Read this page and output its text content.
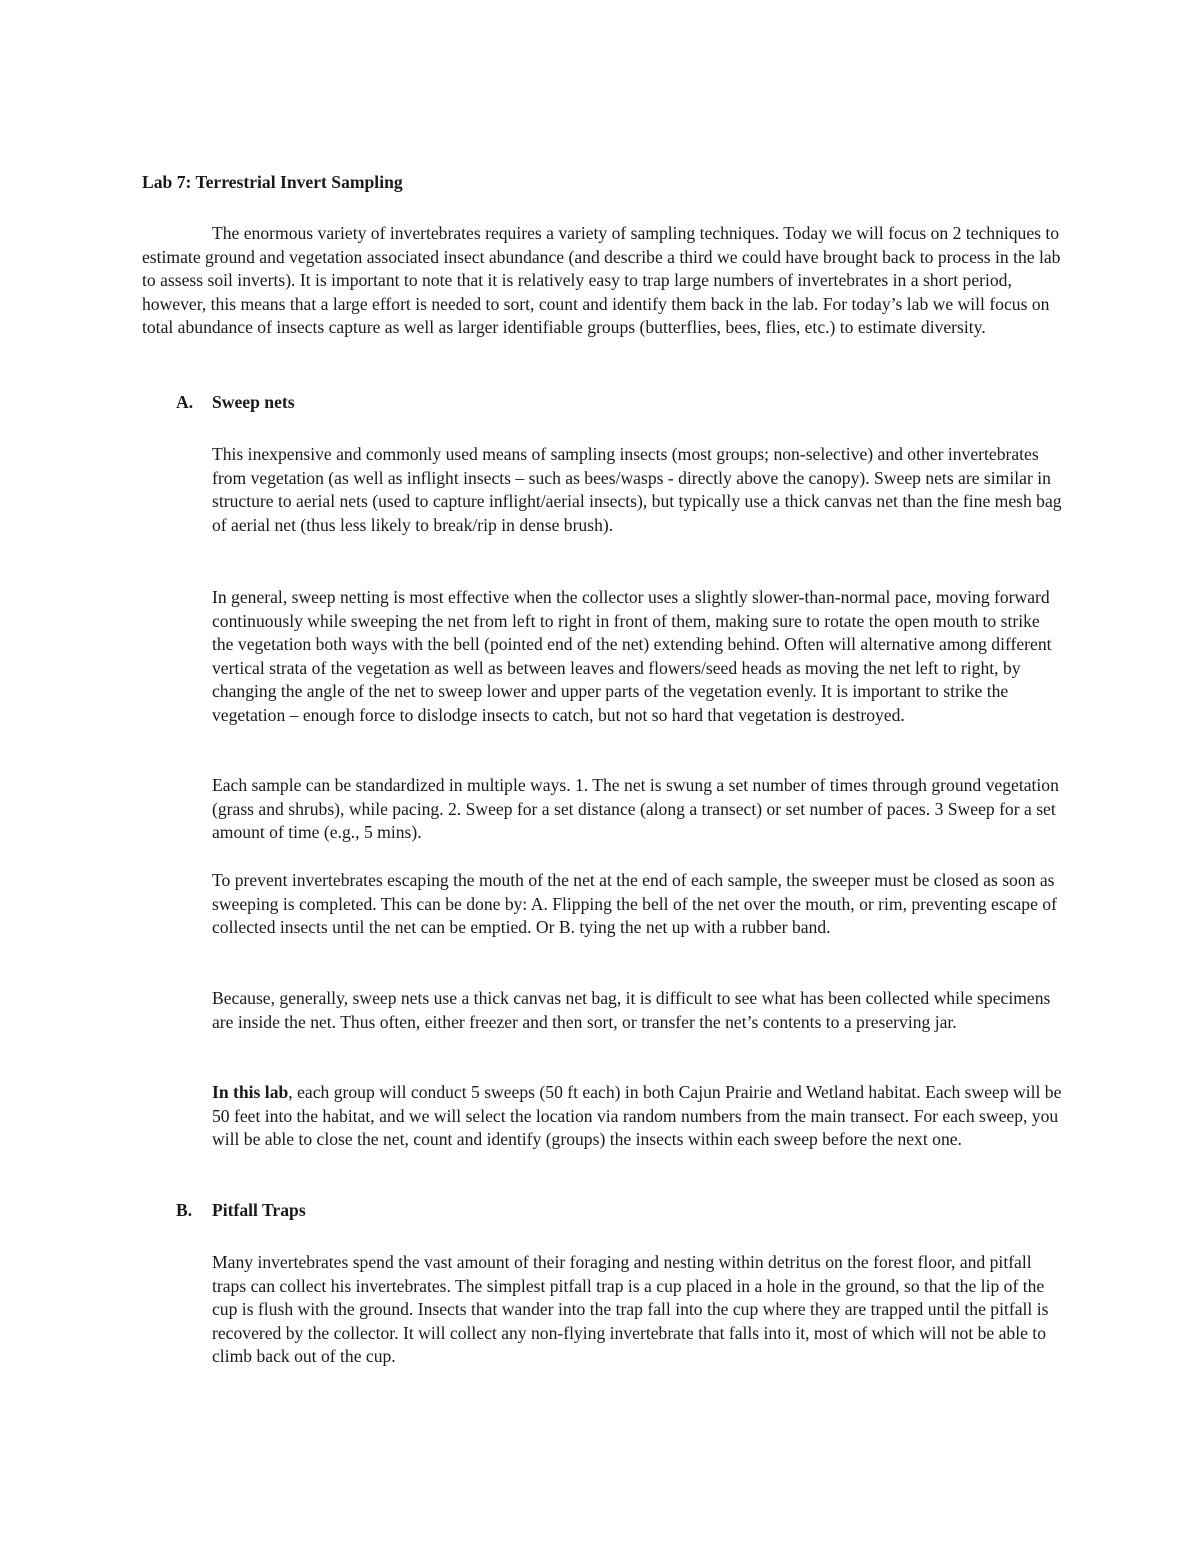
Lab 7: Terrestrial Invert Sampling

The enormous variety of invertebrates requires a variety of sampling techniques. Today we will focus on 2 techniques to estimate ground and vegetation associated insect abundance (and describe a third we could have brought back to process in the lab to assess soil inverts). It is important to note that it is relatively easy to trap large numbers of invertebrates in a short period, however, this means that a large effort is needed to sort, count and identify them back in the lab. For today’s lab we will focus on total abundance of insects capture as well as larger identifiable groups (butterflies, bees, flies, etc.) to estimate diversity.

A. Sweep nets

This inexpensive and commonly used means of sampling insects (most groups; non-selective) and other invertebrates from vegetation (as well as inflight insects – such as bees/wasps - directly above the canopy). Sweep nets are similar in structure to aerial nets (used to capture inflight/aerial insects), but typically use a thick canvas net than the fine mesh bag of aerial net (thus less likely to break/rip in dense brush).

In general, sweep netting is most effective when the collector uses a slightly slower-than-normal pace, moving forward continuously while sweeping the net from left to right in front of them, making sure to rotate the open mouth to strike the vegetation both ways with the bell (pointed end of the net) extending behind. Often will alternative among different vertical strata of the vegetation as well as between leaves and flowers/seed heads as moving the net left to right, by changing the angle of the net to sweep lower and upper parts of the vegetation evenly. It is important to strike the vegetation – enough force to dislodge insects to catch, but not so hard that vegetation is destroyed.

Each sample can be standardized in multiple ways. 1. The net is swung a set number of times through ground vegetation (grass and shrubs), while pacing. 2. Sweep for a set distance (along a transect) or set number of paces. 3 Sweep for a set amount of time (e.g., 5 mins).

To prevent invertebrates escaping the mouth of the net at the end of each sample, the sweeper must be closed as soon as sweeping is completed. This can be done by: A. Flipping the bell of the net over the mouth, or rim, preventing escape of collected insects until the net can be emptied. Or B. tying the net up with a rubber band.

Because, generally, sweep nets use a thick canvas net bag, it is difficult to see what has been collected while specimens are inside the net. Thus often, either freezer and then sort, or transfer the net’s contents to a preserving jar.

In this lab, each group will conduct 5 sweeps (50 ft each) in both Cajun Prairie and Wetland habitat. Each sweep will be 50 feet into the habitat, and we will select the location via random numbers from the main transect. For each sweep, you will be able to close the net, count and identify (groups) the insects within each sweep before the next one.

B. Pitfall Traps

Many invertebrates spend the vast amount of their foraging and nesting within detritus on the forest floor, and pitfall traps can collect his invertebrates. The simplest pitfall trap is a cup placed in a hole in the ground, so that the lip of the cup is flush with the ground. Insects that wander into the trap fall into the cup where they are trapped until the pitfall is recovered by the collector. It will collect any non-flying invertebrate that falls into it, most of which will not be able to climb back out of the cup.
